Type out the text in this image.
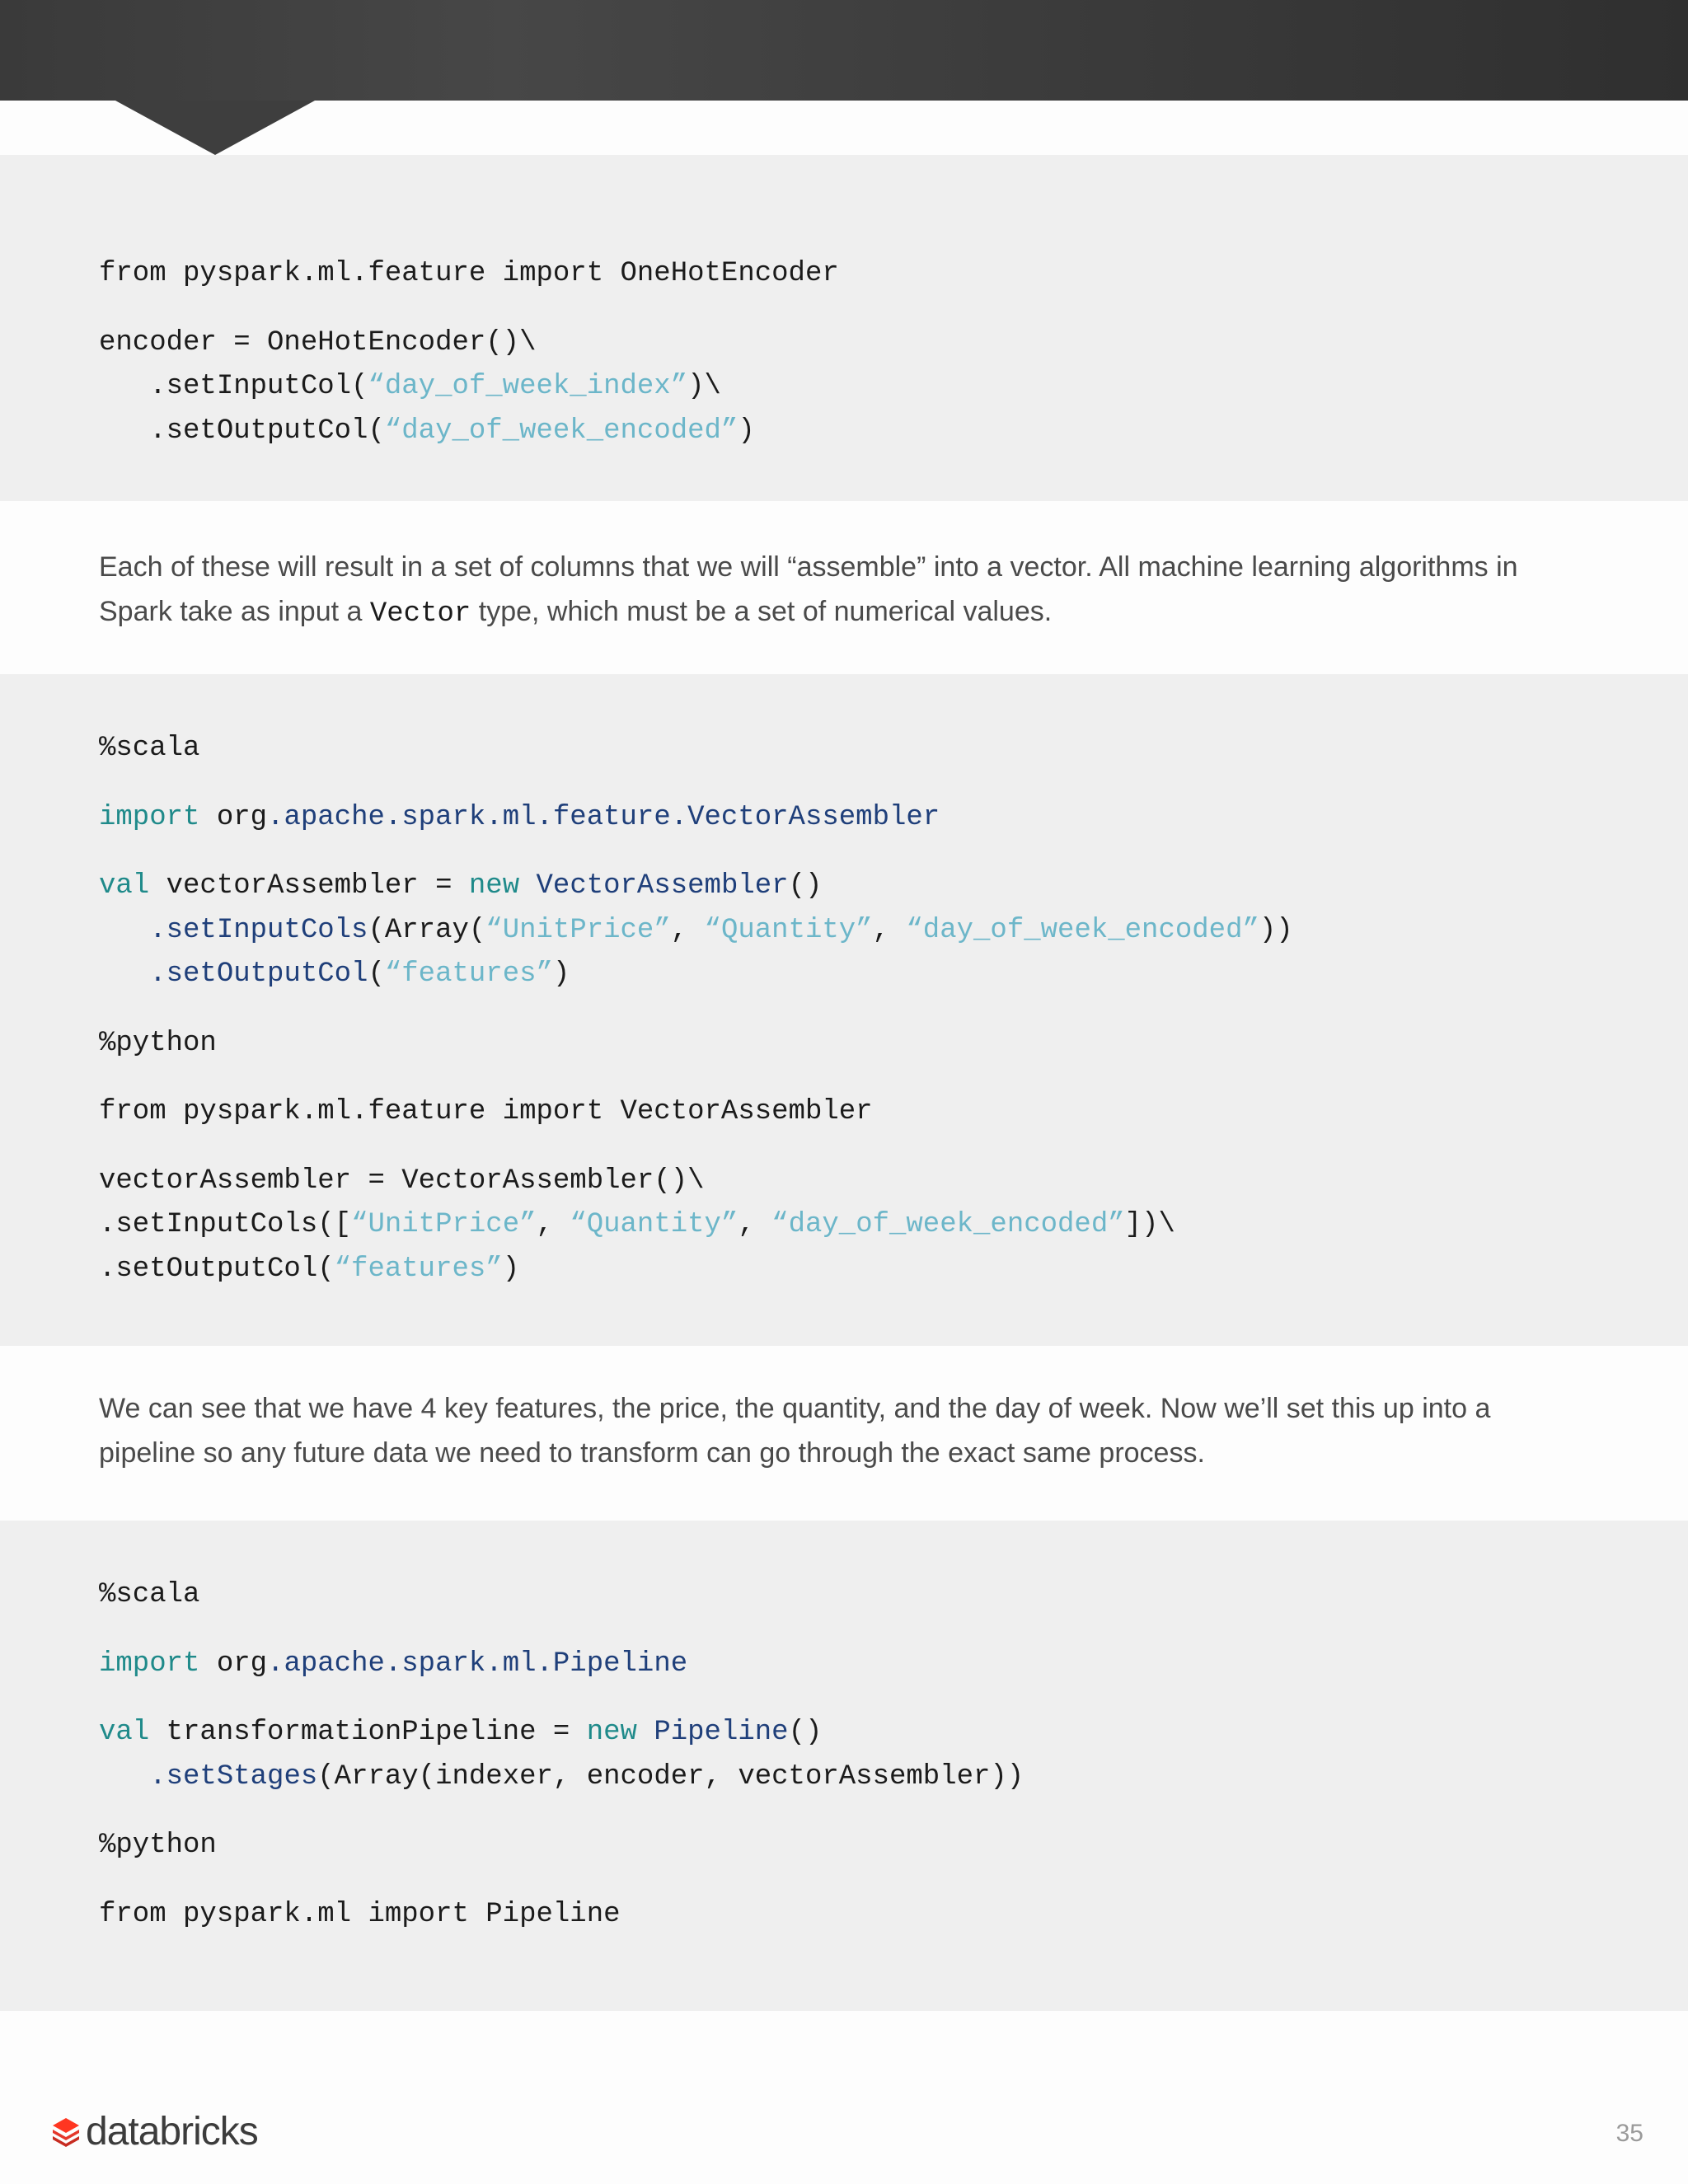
from pyspark.ml.feature import OneHotEncoder
encoder = OneHotEncoder()\
.setInputCol(“day_of_week_index”)\
.setOutputCol(“day_of_week_encoded”)

Each of these will result in a set of columns that we will “assemble” into a vector. All machine learning algorithms in Spark take as input a Vector type, which must be a set of numerical values.

%scala
import org.apache.spark.ml.feature.VectorAssembler
val vectorAssembler = new VectorAssembler()
.setInputCols(Array(“UnitPrice”, “Quantity”, “day_of_week_encoded”))
.setOutputCol(“features”)
%python
from pyspark.ml.feature import VectorAssembler
vectorAssembler = VectorAssembler()\
.setInputCols([“UnitPrice”, “Quantity”, “day_of_week_encoded”])\
.setOutputCol(“features”)

We can see that we have 4 key features, the price, the quantity, and the day of week. Now we’ll set this up into a pipeline so any future data we need to transform can go through the exact same process.

%scala
import org.apache.spark.ml.Pipeline
val transformationPipeline = new Pipeline()
.setStages(Array(indexer, encoder, vectorAssembler))
%python
from pyspark.ml import Pipeline
databricks	35
